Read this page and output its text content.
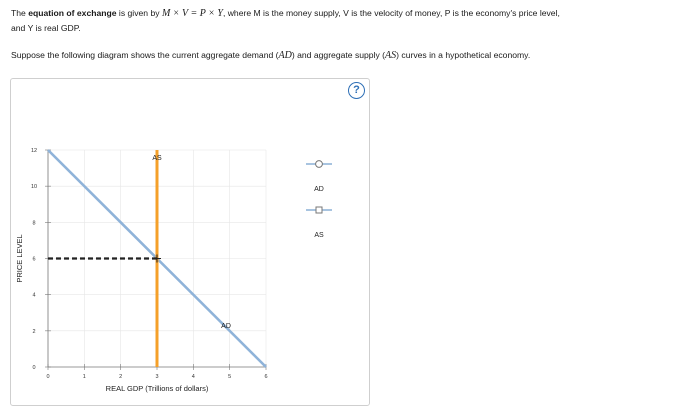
The equation of exchange is given by M × V = P × Y, where M is the money supply, V is the velocity of money, P is the economy's price level,
and Y is real GDP.
Suppose the following diagram shows the current aggregate demand (AD) and aggregate supply (AS) curves in a hypothetical economy.
?
REAL GDP (Trillions of dollars)
PRICE LEVEL
0	1	2	3	4	5	6
0
2
4
6
8
10
12
AD
AS
AD
AS
